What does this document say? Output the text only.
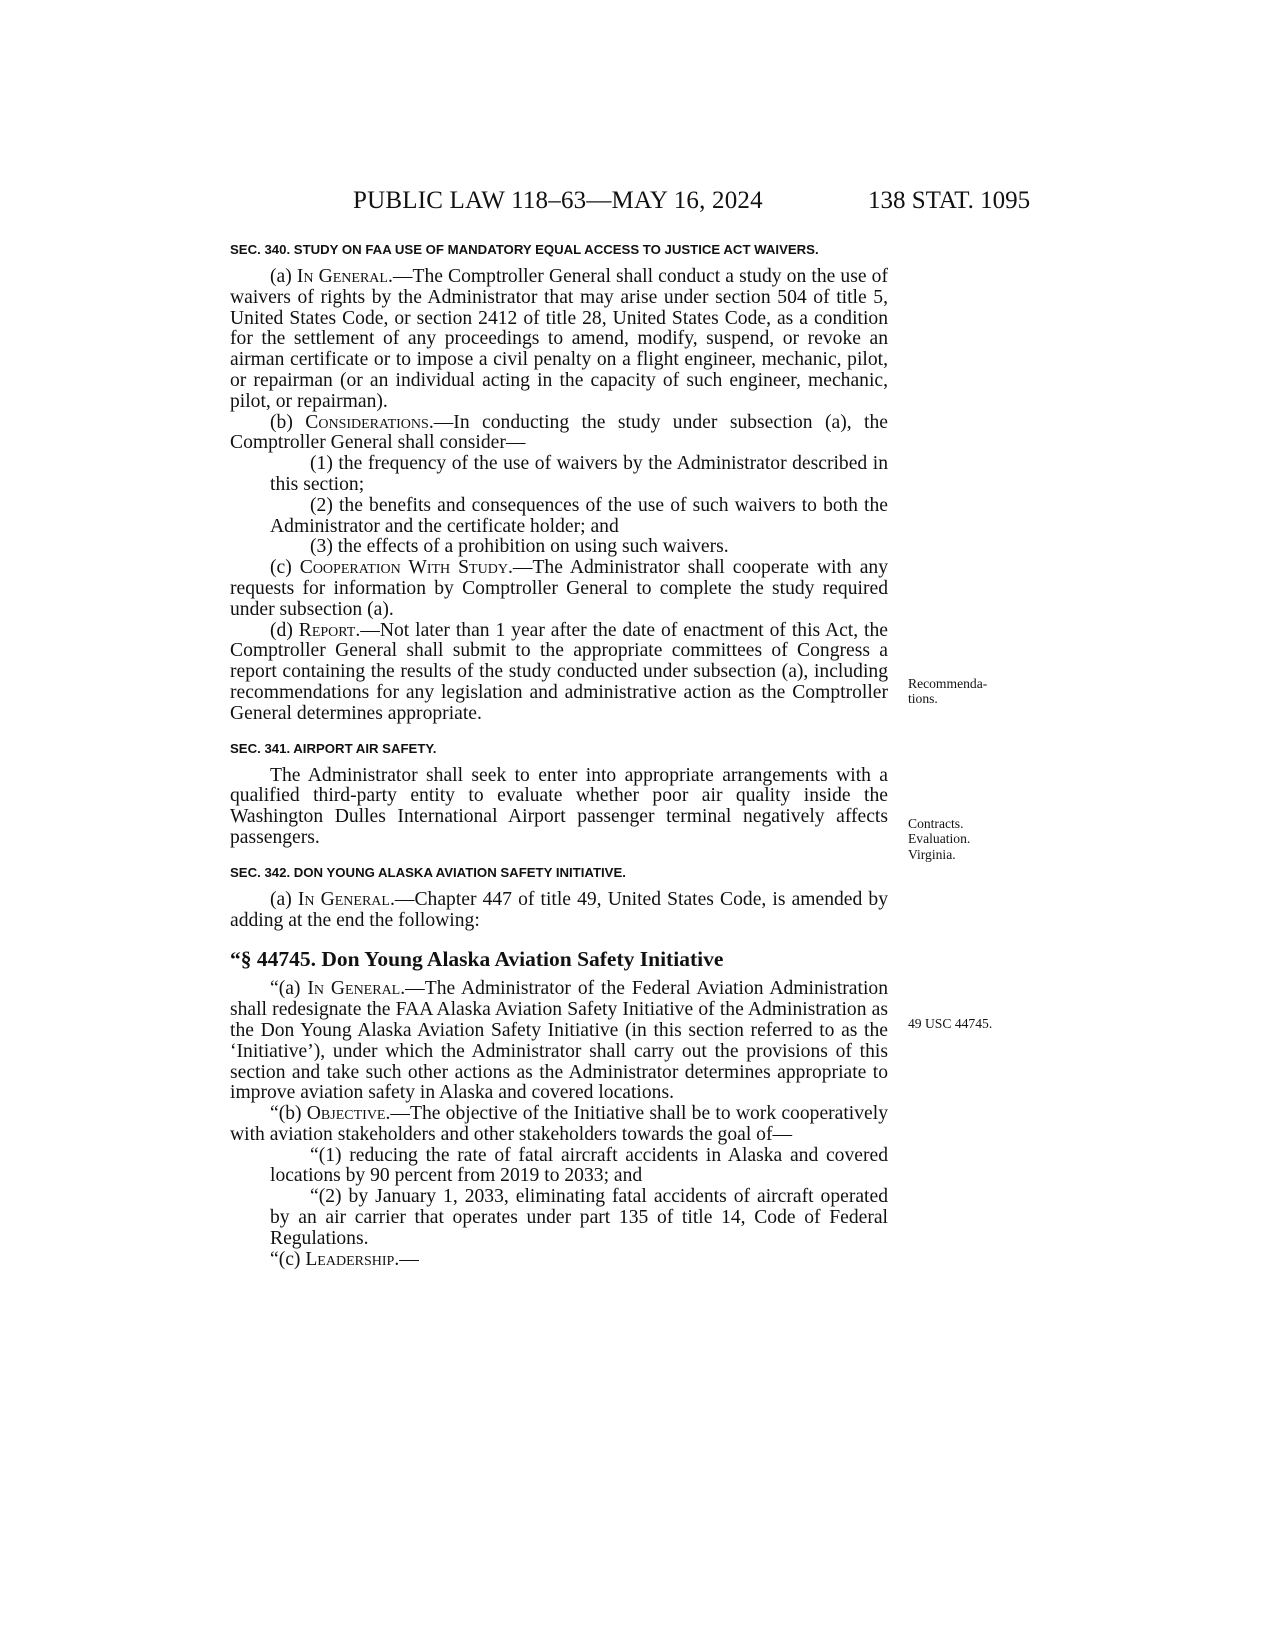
PUBLIC LAW 118–63—MAY 16, 2024	138 STAT. 1095
SEC. 340. STUDY ON FAA USE OF MANDATORY EQUAL ACCESS TO JUSTICE ACT WAIVERS.

(a) In General.—The Comptroller General shall conduct a study on the use of waivers of rights by the Administrator that may arise under section 504 of title 5, United States Code, or section 2412 of title 28, United States Code, as a condition for the settlement of any proceedings to amend, modify, suspend, or revoke an airman certificate or to impose a civil penalty on a flight engineer, mechanic, pilot, or repairman (or an individual acting in the capacity of such engineer, mechanic, pilot, or repairman).

(b) Considerations.—In conducting the study under subsection (a), the Comptroller General shall consider—

(1) the frequency of the use of waivers by the Administrator described in this section;

(2) the benefits and consequences of the use of such waivers to both the Administrator and the certificate holder; and

(3) the effects of a prohibition on using such waivers.

(c) Cooperation With Study.—The Administrator shall cooperate with any requests for information by Comptroller General to complete the study required under subsection (a).

(d) Report.—Not later than 1 year after the date of enactment of this Act, the Comptroller General shall submit to the appropriate committees of Congress a report containing the results of the study conducted under subsection (a), including recommendations for any legislation and administrative action as the Comptroller General determines appropriate.

SEC. 341. AIRPORT AIR SAFETY.

The Administrator shall seek to enter into appropriate arrangements with a qualified third-party entity to evaluate whether poor air quality inside the Washington Dulles International Airport passenger terminal negatively affects passengers.

SEC. 342. DON YOUNG ALASKA AVIATION SAFETY INITIATIVE.

(a) In General.—Chapter 447 of title 49, United States Code, is amended by adding at the end the following:

“§ 44745. Don Young Alaska Aviation Safety Initiative

“(a) In General.—The Administrator of the Federal Aviation Administration shall redesignate the FAA Alaska Aviation Safety Initiative of the Administration as the Don Young Alaska Aviation Safety Initiative (in this section referred to as the ‘Initiative’), under which the Administrator shall carry out the provisions of this section and take such other actions as the Administrator determines appropriate to improve aviation safety in Alaska and covered locations.

“(b) Objective.—The objective of the Initiative shall be to work cooperatively with aviation stakeholders and other stakeholders towards the goal of—

“(1) reducing the rate of fatal aircraft accidents in Alaska and covered locations by 90 percent from 2019 to 2033; and

“(2) by January 1, 2033, eliminating fatal accidents of aircraft operated by an air carrier that operates under part 135 of title 14, Code of Federal Regulations.

“(c) Leadership.—

Recommenda-
tions.
Contracts.
Evaluation.
Virginia.
49 USC 44745.
